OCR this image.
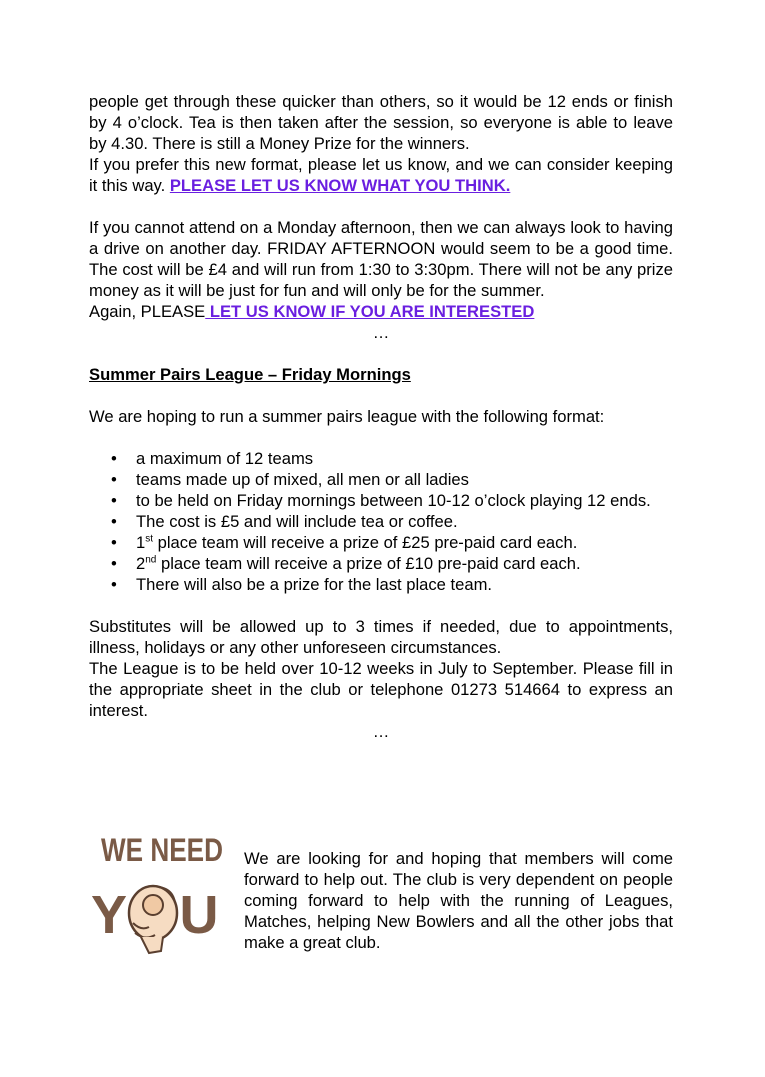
people get through these quicker than others, so it would be 12 ends or finish by 4 o’clock. Tea is then taken after the session, so everyone is able to leave by 4.30. There is still a Money Prize for the winners.

If you prefer this new format, please let us know, and we can consider keeping it this way. PLEASE LET US KNOW WHAT YOU THINK.

If you cannot attend on a Monday afternoon, then we can always look to having a drive on another day. FRIDAY AFTERNOON would seem to be a good time. The cost will be £4 and will run from 1:30 to 3:30pm. There will not be any prize money as it will be just for fun and will only be for the summer.

Again, PLEASE LET US KNOW IF YOU ARE INTERESTED

…

Summer Pairs League – Friday Mornings

We are hoping to run a summer pairs league with the following format:

• a maximum of 12 teams
• teams made up of mixed, all men or all ladies
• to be held on Friday mornings between 10-12 o’clock playing 12 ends.
• The cost is £5 and will include tea or coffee.
• 1st place team will receive a prize of £25 pre-paid card each.
• 2nd place team will receive a prize of £10 pre-paid card each.
• There will also be a prize for the last place team.

Substitutes will be allowed up to 3 times if needed, due to appointments, illness, holidays or any other unforeseen circumstances.

The League is to be held over 10-12 weeks in July to September. Please fill in the appropriate sheet in the club or telephone 01273 514664 to express an interest.

…

WE NEED
Y U

We are looking for and hoping that members will come forward to help out. The club is very dependent on people coming forward to help with the running of Leagues, Matches, helping New Bowlers and all the other jobs that make a great club.
